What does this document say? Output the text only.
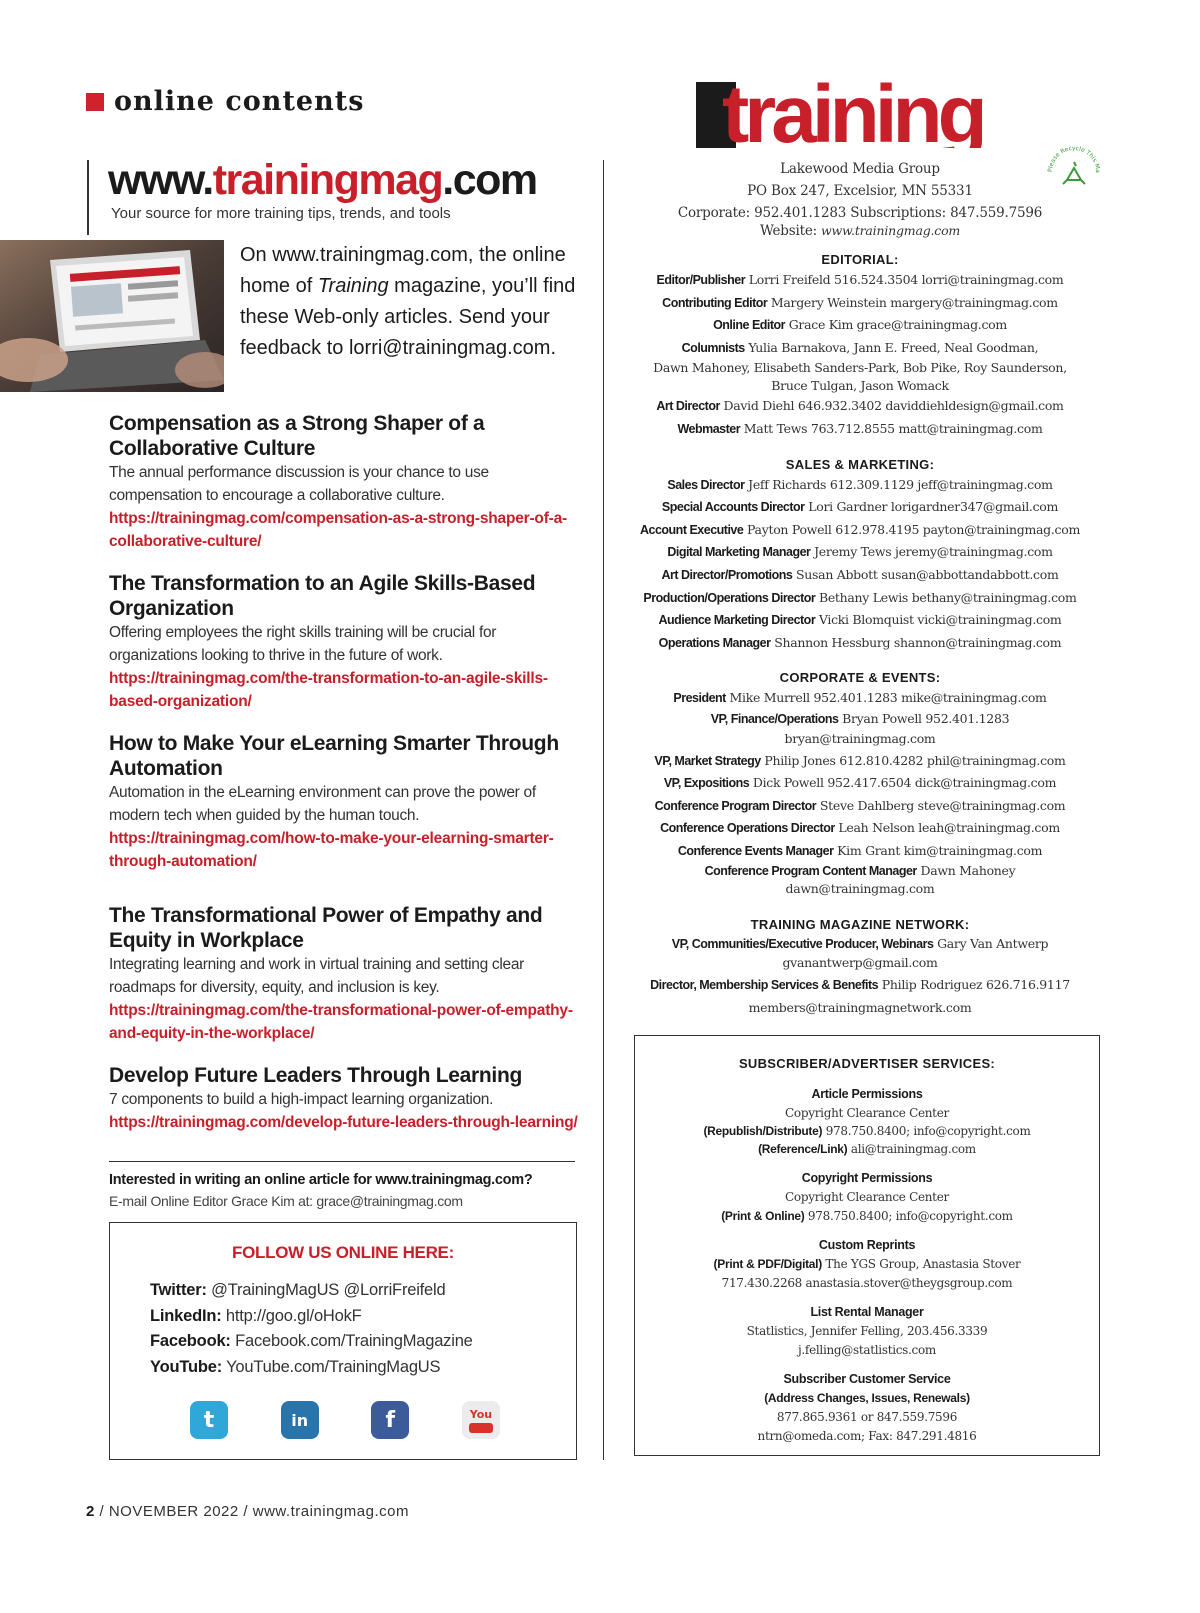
online contents
www.trainingmag.com
Your source for more training tips, trends, and tools
On www.trainingmag.com, the online home of Training magazine, you’ll find these Web-only articles. Send your feedback to lorri@trainingmag.com.
Compensation as a Strong Shaper of a Collaborative Culture

The annual performance discussion is your chance to use compensation to encourage a collaborative culture.

https://trainingmag.com/compensation-as-a-strong-shaper-of-a-collaborative-culture/
The Transformation to an Agile Skills-Based Organization

Offering employees the right skills training will be crucial for organizations looking to thrive in the future of work.

https://trainingmag.com/the-transformation-to-an-agile-skills-based-organization/
How to Make Your eLearning Smarter Through Automation

Automation in the eLearning environment can prove the power of modern tech when guided by the human touch.

https://trainingmag.com/how-to-make-your-elearning-smarter-through-automation/
The Transformational Power of Empathy and Equity in Workplace

Integrating learning and work in virtual training and setting clear roadmaps for diversity, equity, and inclusion is key.

https://trainingmag.com/the-transformational-power-of-empathy-and-equity-in-the-workplace/
Develop Future Leaders Through Learning

7 components to build a high-impact learning organization.

https://trainingmag.com/develop-future-leaders-through-learning/
Interested in writing an online article for www.trainingmag.com?
E-mail Online Editor Grace Kim at: grace@trainingmag.com
FOLLOW US ONLINE HERE:
Twitter: @TrainingMagUS @LorriFreifeld
LinkedIn: http://goo.gl/oHokF
Facebook: Facebook.com/TrainingMagazine
YouTube: YouTube.com/TrainingMagUS
t	in	f	You
2 / NOVEMBER 2022 / www.trainingmag.com
training
Please Recycle This Ma
Lakewood Media Group
PO Box 247, Excelsior, MN 55331
Corporate: 952.401.1283 Subscriptions: 847.559.7596
Website: www.trainingmag.com
EDITORIAL:
Editor/Publisher Lorri Freifeld 516.524.3504 lorri@trainingmag.com
Contributing Editor Margery Weinstein margery@trainingmag.com
Online Editor Grace Kim grace@trainingmag.com
Columnists Yulia Barnakova, Jann E. Freed, Neal Goodman,
Dawn Mahoney, Elisabeth Sanders-Park, Bob Pike, Roy Saunderson,
Bruce Tulgan, Jason Womack
Art Director David Diehl 646.932.3402 daviddiehldesign@gmail.com
Webmaster Matt Tews 763.712.8555 matt@trainingmag.com
SALES & MARKETING:
Sales Director Jeff Richards 612.309.1129 jeff@trainingmag.com
Special Accounts Director Lori Gardner lorigardner347@gmail.com
Account Executive Payton Powell 612.978.4195 payton@trainingmag.com
Digital Marketing Manager Jeremy Tews jeremy@trainingmag.com
Art Director/Promotions Susan Abbott susan@abbottandabbott.com
Production/Operations Director Bethany Lewis bethany@trainingmag.com
Audience Marketing Director Vicki Blomquist vicki@trainingmag.com
Operations Manager Shannon Hessburg shannon@trainingmag.com
CORPORATE & EVENTS:
President Mike Murrell 952.401.1283 mike@trainingmag.com
VP, Finance/Operations Bryan Powell 952.401.1283
bryan@trainingmag.com
VP, Market Strategy Philip Jones 612.810.4282 phil@trainingmag.com
VP, Expositions Dick Powell 952.417.6504 dick@trainingmag.com
Conference Program Director Steve Dahlberg steve@trainingmag.com
Conference Operations Director Leah Nelson leah@trainingmag.com
Conference Events Manager Kim Grant kim@trainingmag.com
Conference Program Content Manager Dawn Mahoney
dawn@trainingmag.com
TRAINING MAGAZINE NETWORK:
VP, Communities/Executive Producer, Webinars Gary Van Antwerp
gvanantwerp@gmail.com
Director, Membership Services & Benefits Philip Rodriguez 626.716.9117
members@trainingmagnetwork.com
SUBSCRIBER/ADVERTISER SERVICES:
Article Permissions
Copyright Clearance Center
(Republish/Distribute) 978.750.8400; info@copyright.com
(Reference/Link) ali@trainingmag.com
Copyright Permissions
Copyright Clearance Center
(Print & Online) 978.750.8400; info@copyright.com
Custom Reprints
(Print & PDF/Digital) The YGS Group, Anastasia Stover
717.430.2268 anastasia.stover@theygsgroup.com
List Rental Manager
Statlistics, Jennifer Felling, 203.456.3339
j.felling@statlistics.com
Subscriber Customer Service
(Address Changes, Issues, Renewals)
877.865.9361 or 847.559.7596
ntrn@omeda.com; Fax: 847.291.4816
